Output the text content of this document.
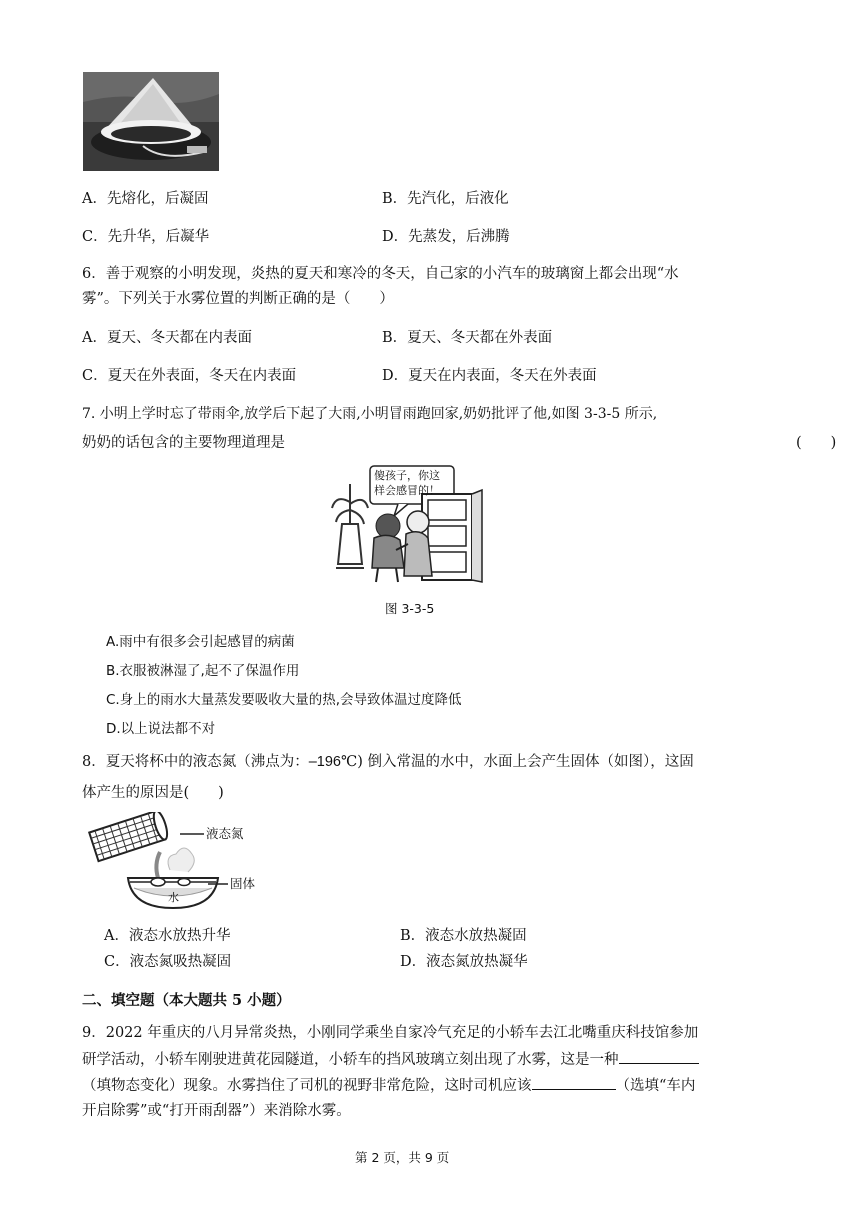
A．先熔化，后凝固	B．先汽化，后液化
C．先升华，后凝华	D．先蒸发，后沸腾
6．善于观察的小明发现，炎热的夏天和寒冷的冬天，自己家的小汽车的玻璃窗上都会出现“水
雾”。下列关于水雾位置的判断正确的是（　　）
A．夏天、冬天都在内表面	B．夏天、冬天都在外表面
C．夏天在外表面，冬天在内表面	D．夏天在内表面，冬天在外表面
7. 小明上学时忘了带雨伞,放学后下起了大雨,小明冒雨跑回家,奶奶批评了他,如图 3-3-5 所示,
奶奶的话包含的主要物理道理是	(　　)
傻孩子，你这
样会感冒的！
图 3-3-5
A.雨中有很多会引起感冒的病菌
B.衣服被淋湿了,起不了保温作用
C.身上的雨水大量蒸发要吸收大量的热,会导致体温过度降低
D.以上说法都不对
8．夏天将杯中的液态氮（沸点为：–196℃) 倒入常温的水中，水面上会产生固体（如图），这固
体产生的原因是(　　)
液态氮
固体
水
A．液态水放热升华	B．液态水放热凝固
C．液态氮吸热凝固	D．液态氮放热凝华
二、填空题（本大题共 5 小题）
9．2022 年重庆的八月异常炎热，小刚同学乘坐自家冷气充足的小轿车去江北嘴重庆科技馆参加
研学活动，小轿车刚驶进黄花园隧道，小轿车的挡风玻璃立刻出现了水雾，这是一种
（填物态变化）现象。水雾挡住了司机的视野非常危险，这时司机应该	（选填“车内
开启除雾”或“打开雨刮器”）来消除水雾。
第 2 页，共 9 页
